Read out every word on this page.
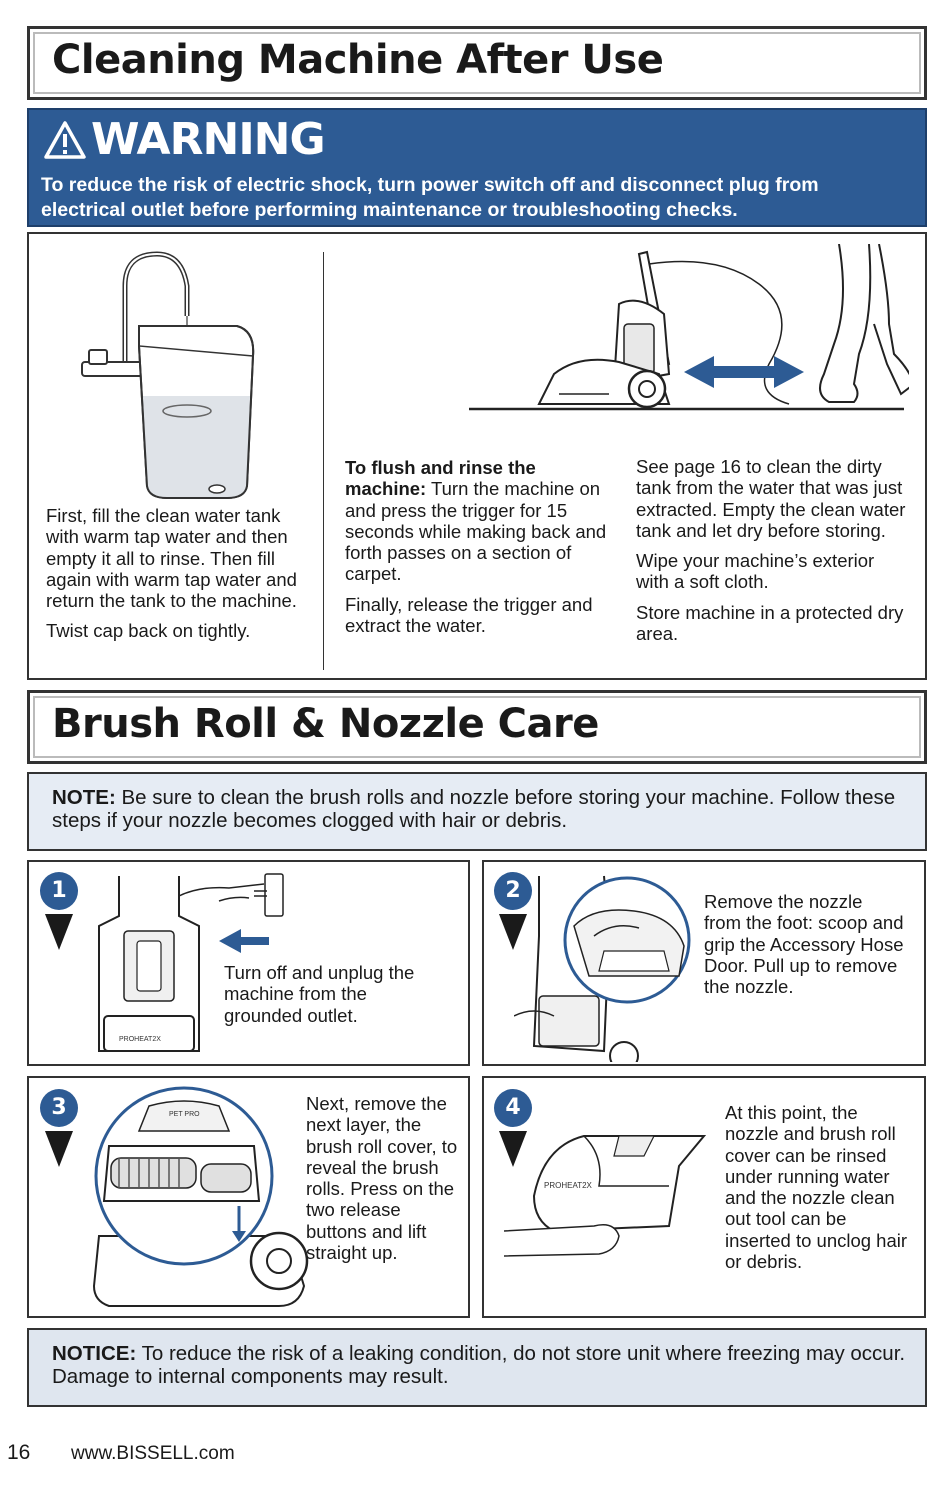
Cleaning Machine After Use
WARNING
To reduce the risk of electric shock, turn power switch off and disconnect plug from electrical outlet before performing maintenance or troubleshooting checks.

First, fill the clean water tank with warm tap water and then empty it all to rinse. Then fill again with warm tap water and return the tank to the machine.

Twist cap back on tightly.

To flush and rinse the machine: Turn the machine on and press the trigger for 15 seconds while making back and forth passes on a section of carpet.

Finally, release the trigger and extract the water.

See page 16 to clean the dirty tank from the water that was just extracted. Empty the clean water tank and let dry before storing.

Wipe your machine’s exterior with a soft cloth.

Store machine in a protected dry area.

Brush Roll & Nozzle Care
NOTE: Be sure to clean the brush rolls and nozzle before storing your machine. Follow these steps if your nozzle becomes clogged with hair or debris.
1
PROHEAT2X
Turn off and unplug the machine from the grounded outlet.
2	Remove the nozzle from the foot: scoop and grip the Accessory Hose Door. Pull up to remove the nozzle.
3	PET PRO
Next, remove the next layer, the brush roll cover, to reveal the brush rolls. Press on the two release buttons and lift straight up.
4
PROHEAT2X
At this point, the nozzle and brush roll cover can be rinsed under running water and the nozzle clean out tool can be inserted to unclog hair or debris.
NOTICE: To reduce the risk of a leaking condition, do not store unit where freezing may occur. Damage to internal components may result.
16 www.BISSELL.com
